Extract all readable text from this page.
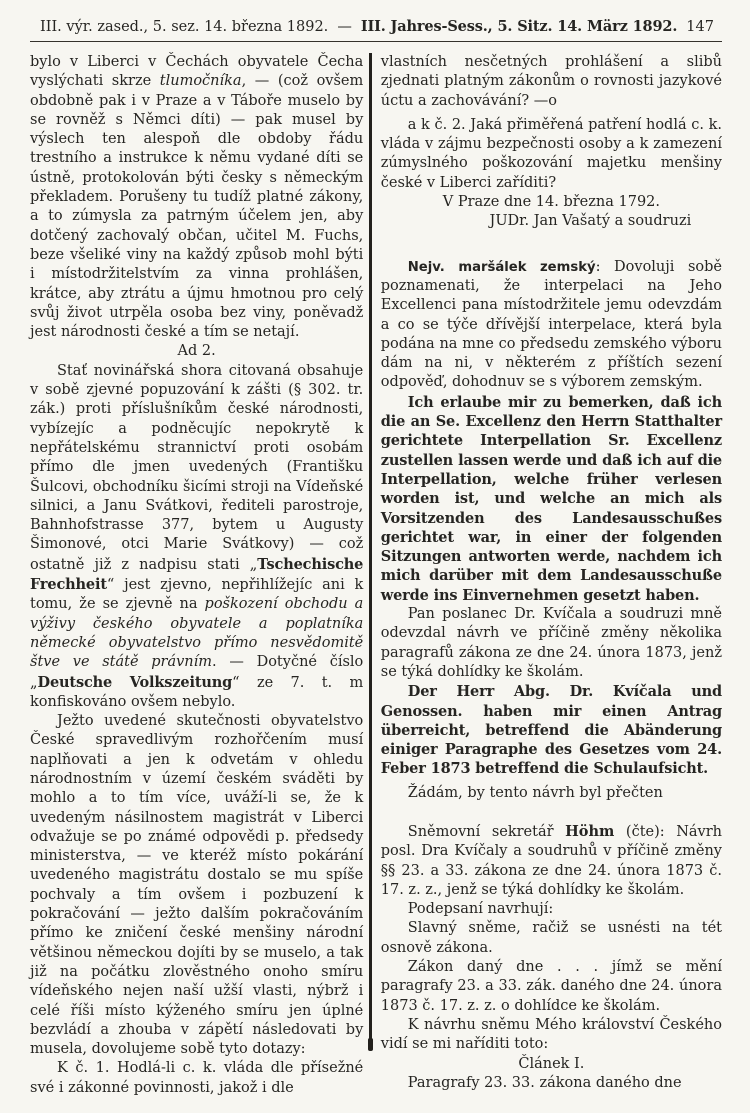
III. výr. zased., 5. sez. 14. března 1892. — III. Jahres-Sess., 5. Sitz. 14. März 1892. 147

bylo v Liberci v Čechách obyvatele Čecha vyslýchati skrze tlumočníka, — (což ovšem obdobně pak i v Praze a v Táboře muselo by se rovněž s Němci díti) — pak musel by výslech ten alespoň dle obdoby řádu trestního a instrukce k němu vydané díti se ústně, protokolován býti česky s německým překladem. Porušeny tu tudíž platné zákony, a to zúmysla za patrným účelem jen, aby dotčený zachovalý občan, učitel M. Fuchs, beze všeliké viny na každý způsob mohl býti i místodržitelstvím za vinna prohlášen, krátce, aby ztrátu a újmu hmotnou pro celý svůj život utrpěla osoba bez viny, poněvadž jest národnosti české a tím se netají.

Ad 2.

Stať novinářská shora citovaná obsahuje v sobě zjevné popuzování k zášti (§ 302. tr. zák.) proti příslušníkům české národnosti, vybízejíc a podněcujíc nepokrytě k nepřátelskému strannictví proti osobám přímo dle jmen uvedených (Františku Šulcovi, obchodníku šicími stroji na Vídeňské silnici, a Janu Svátkovi, řediteli parostroje, Bahnhofstrasse 377, bytem u Augusty Šimonové, otci Marie Svátkovy) — což ostatně již z nadpisu stati „Tschechische Frechheit“ jest zjevno, nepřihlížejíc ani k tomu, že se zjevně na poškození obchodu a výživy českého obyvatele a poplatníka německé obyvatelstvo přímo nesvědomitě štve ve státě právním. — Dotyčné číslo „Deutsche Volkszeitung“ ze 7. t. m konfiskováno ovšem nebylo.

Ježto uvedené skutečnosti obyvatelstvo České spravedlivým rozhořčením musí naplňovati a jen k odvetám v ohledu národnostním v území českém sváděti by mohlo a to tím více, uváží-li se, že k uvedeným násilnostem magistrát v Liberci odvažuje se po známé odpovědi p. předsedy ministerstva, — ve kteréž místo pokárání uvedeného magistrátu dostalo se mu spíše pochvaly a tím ovšem i pozbuzení k pokračování — ježto dalším pokračováním přímo ke zničení české menšiny národní většinou německou dojíti by se muselo, a tak již na počátku zlověstného onoho smíru vídeňského nejen naší užší vlasti, nýbrž i celé říši místo kýženého smíru jen úplné bezvládí a zhouba v zápětí následovati by musela, dovolujeme sobě tyto dotazy:

K č. 1. Hodlá-li c. k. vláda dle přísežné své i zákonné povinnosti, jakož i dle

vlastních nesčetných prohlášení a slibů zjednati platným zákonům o rovnosti jazykové úctu a zachovávání? —o

a k č. 2. Jaká přiměřená patření hodlá c. k. vláda v zájmu bezpečnosti osoby a k zamezení zúmyslného poškozování majetku menšiny české v Liberci zaříditi?

V Praze dne 14. března 1792.

JUDr. Jan Vašatý a soudruzi

Nejv. maršálek zemský: Dovoluji sobě poznamenati, že interpelaci na Jeho Excellenci pana místodržitele jemu odevzdám a co se týče dřívější interpelace, která byla podána na mne co předsedu zemského výboru dám na ni, v některém z příštích sezení odpověď, dohodnuv se s výborem zemským.

Ich erlaube mir zu bemerken, daß ich die an Se. Excellenz den Herrn Statthalter gerichtete Interpellation Sr. Excellenz zustellen lassen werde und daß ich auf die Interpellation, welche früher verlesen worden ist, und welche an mich als Vorsitzenden des Landesausschußes gerichtet war, in einer der folgenden Sitzungen antworten werde, nachdem ich mich darüber mit dem Landesausschuße werde ins Einvernehmen gesetzt haben.

Pan poslanec Dr. Kvíčala a soudruzi mně odevzdal návrh ve příčině změny několika paragrafů zákona ze dne 24. února 1873, jenž se týká dohlídky ke školám.

Der Herr Abg. Dr. Kvíčala und Genossen. haben mir einen Antrag überreicht, betreffend die Abänderung einiger Paragraphe des Gesetzes vom 24. Feber 1873 betreffend die Schulaufsicht.

Žádám, by tento návrh byl přečten

Sněmovní sekretář Höhm (čte): Návrh posl. Dra Kvíčaly a soudruhů v příčině změny §§ 23. a 33. zákona ze dne 24. února 1873 č. 17. z. z., jenž se týká dohlídky ke školám.

Podepsaní navrhují:

Slavný sněme, račiž se usnésti na tét osnově zákona.

Zákon daný dne . . . jímž se mění paragrafy 23. a 33. zák. daného dne 24. února 1873 č. 17. z. z. o dohlídce ke školám.

K návrhu sněmu Mého království Českého vidí se mi naříditi toto:

Článek I.

Paragrafy 23. 33. zákona daného dne
